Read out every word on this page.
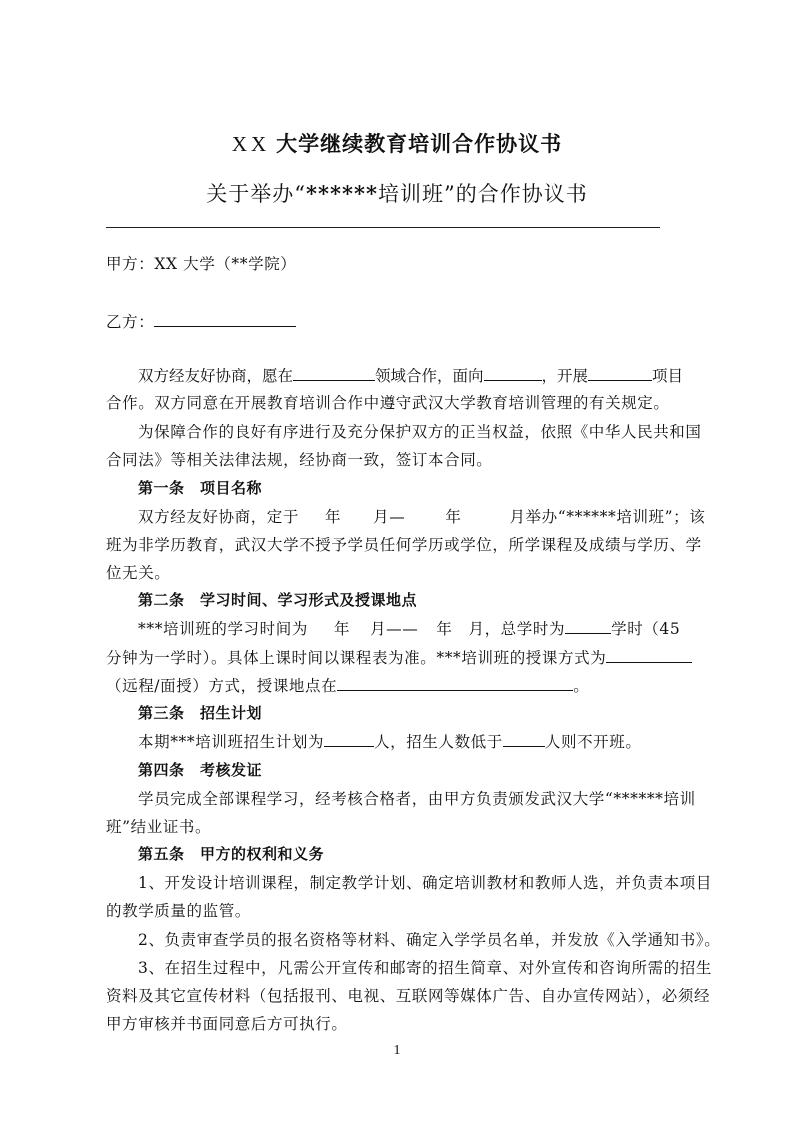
XX 大学继续教育培训合作协议书
关于举办“******培训班”的合作协议书
甲方：XX 大学（**学院）
乙方：
双方经友好协商，愿在	领域合作，面向	，开展	项目
合作。双方同意在开展教育培训合作中遵守武汉大学教育培训管理的有关规定。
为保障合作的良好有序进行及充分保护双方的正当权益，依照《中华人民共和国
合同法》等相关法律法规，经协商一致，签订本合同。
第一条　项目名称
双方经友好协商，定于 年 月—	年	月举办“******培训班”；该
班为非学历教育，武汉大学不授予学员任何学历或学位，所学课程及成绩与学历、学
位无关。
第二条　学习时间、学习形式及授课地点
***培训班的学习时间为 年 月—— 年 月，总学时为	学时（45
分钟为一学时）。具体上课时间以课程表为准。***培训班的授课方式为
（远程/面授）方式，授课地点在	。
第三条　招生计划
本期***培训班招生计划为	人，招生人数低于	人则不开班。
第四条　考核发证
学员完成全部课程学习，经考核合格者，由甲方负责颁发武汉大学“******培训
班”结业证书。
第五条　甲方的权利和义务
1、开发设计培训课程，制定教学计划、确定培训教材和教师人选，并负责本项目
的教学质量的监管。
2、负责审查学员的报名资格等材料、确定入学学员名单，并发放《入学通知书》。
3、在招生过程中，凡需公开宣传和邮寄的招生简章、对外宣传和咨询所需的招生
资料及其它宣传材料（包括报刊、电视、互联网等媒体广告、自办宣传网站），必须经
甲方审核并书面同意后方可执行。
1
